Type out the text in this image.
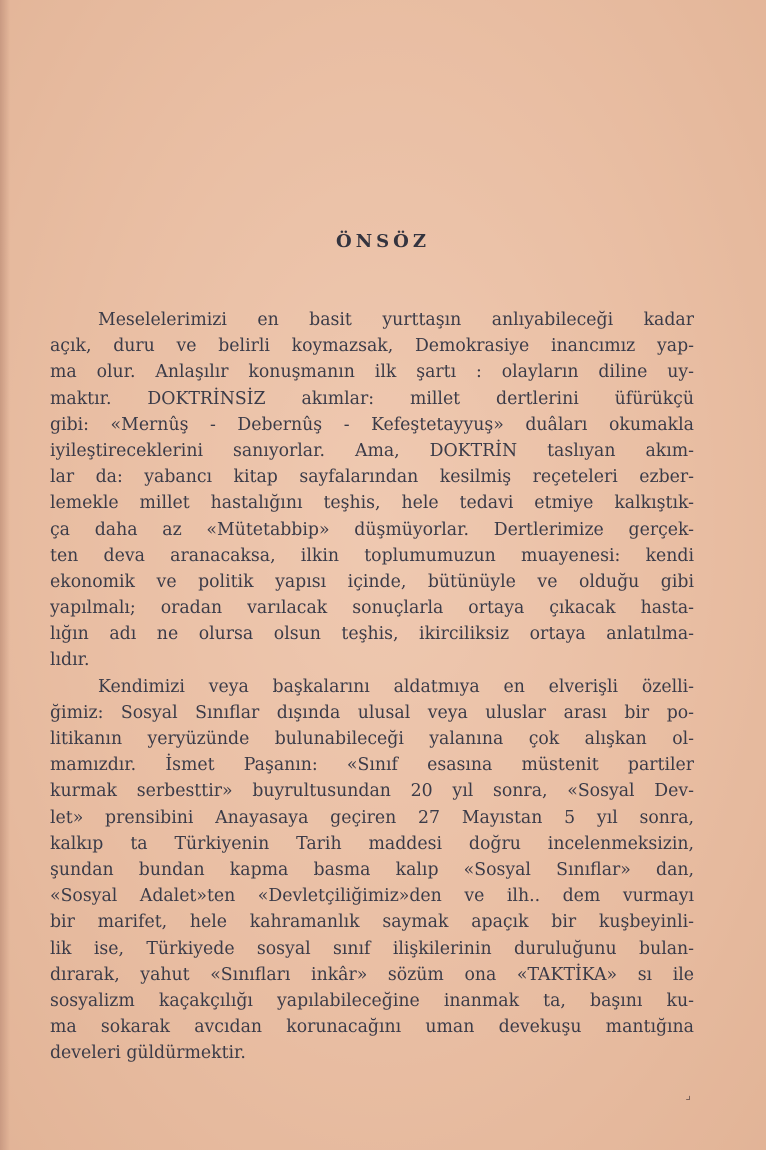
ÖNSÖZ
Meselelerimizi en basit yurttaşın anlıyabileceği kadar
açık, duru ve belirli koymazsak, Demokrasiye inancımız yap-
ma olur. Anlaşılır konuşmanın ilk şartı : olayların diline uy-
maktır. DOKTRİNSİZ akımlar: millet dertlerini üfürükçü
gibi: «Mernûş - Debernûş - Kefeştetayyuş» duâları okumakla
iyileştireceklerini sanıyorlar. Ama, DOKTRİN taslıyan akım-
lar da: yabancı kitap sayfalarından kesilmiş reçeteleri ezber-
lemekle millet hastalığını teşhis, hele tedavi etmiye kalkıştık-
ça daha az «Mütetabbip» düşmüyorlar. Dertlerimize gerçek-
ten deva aranacaksa, ilkin toplumumuzun muayenesi: kendi
ekonomik ve politik yapısı içinde, bütünüyle ve olduğu gibi
yapılmalı; oradan varılacak sonuçlarla ortaya çıkacak hasta-
lığın adı ne olursa olsun teşhis, ikirciliksiz ortaya anlatılma-
lıdır.
Kendimizi veya başkalarını aldatmıya en elverişli özelli-
ğimiz: Sosyal Sınıflar dışında ulusal veya uluslar arası bir po-
litikanın yeryüzünde bulunabileceği yalanına çok alışkan ol-
mamızdır. İsmet Paşanın: «Sınıf esasına müstenit partiler
kurmak serbesttir» buyrultusundan 20 yıl sonra, «Sosyal Dev-
let» prensibini Anayasaya geçiren 27 Mayıstan 5 yıl sonra,
kalkıp ta Türkiyenin Tarih maddesi doğru incelenmeksizin,
şundan bundan kapma basma kalıp «Sosyal Sınıflar» dan,
«Sosyal Adalet»ten «Devletçiliğimiz»den ve ilh.. dem vurmayı
bir marifet, hele kahramanlık saymak apaçık bir kuşbeyinli-
lik ise, Türkiyede sosyal sınıf ilişkilerinin duruluğunu bulan-
dırarak, yahut «Sınıfları inkâr» sözüm ona «TAKTİKA» sı ile
sosyalizm kaçakçılığı yapılabileceğine inanmak ta, başını ku-
ma sokarak avcıdan korunacağını uman devekuşu mantığına
develeri güldürmektir.
⌟
